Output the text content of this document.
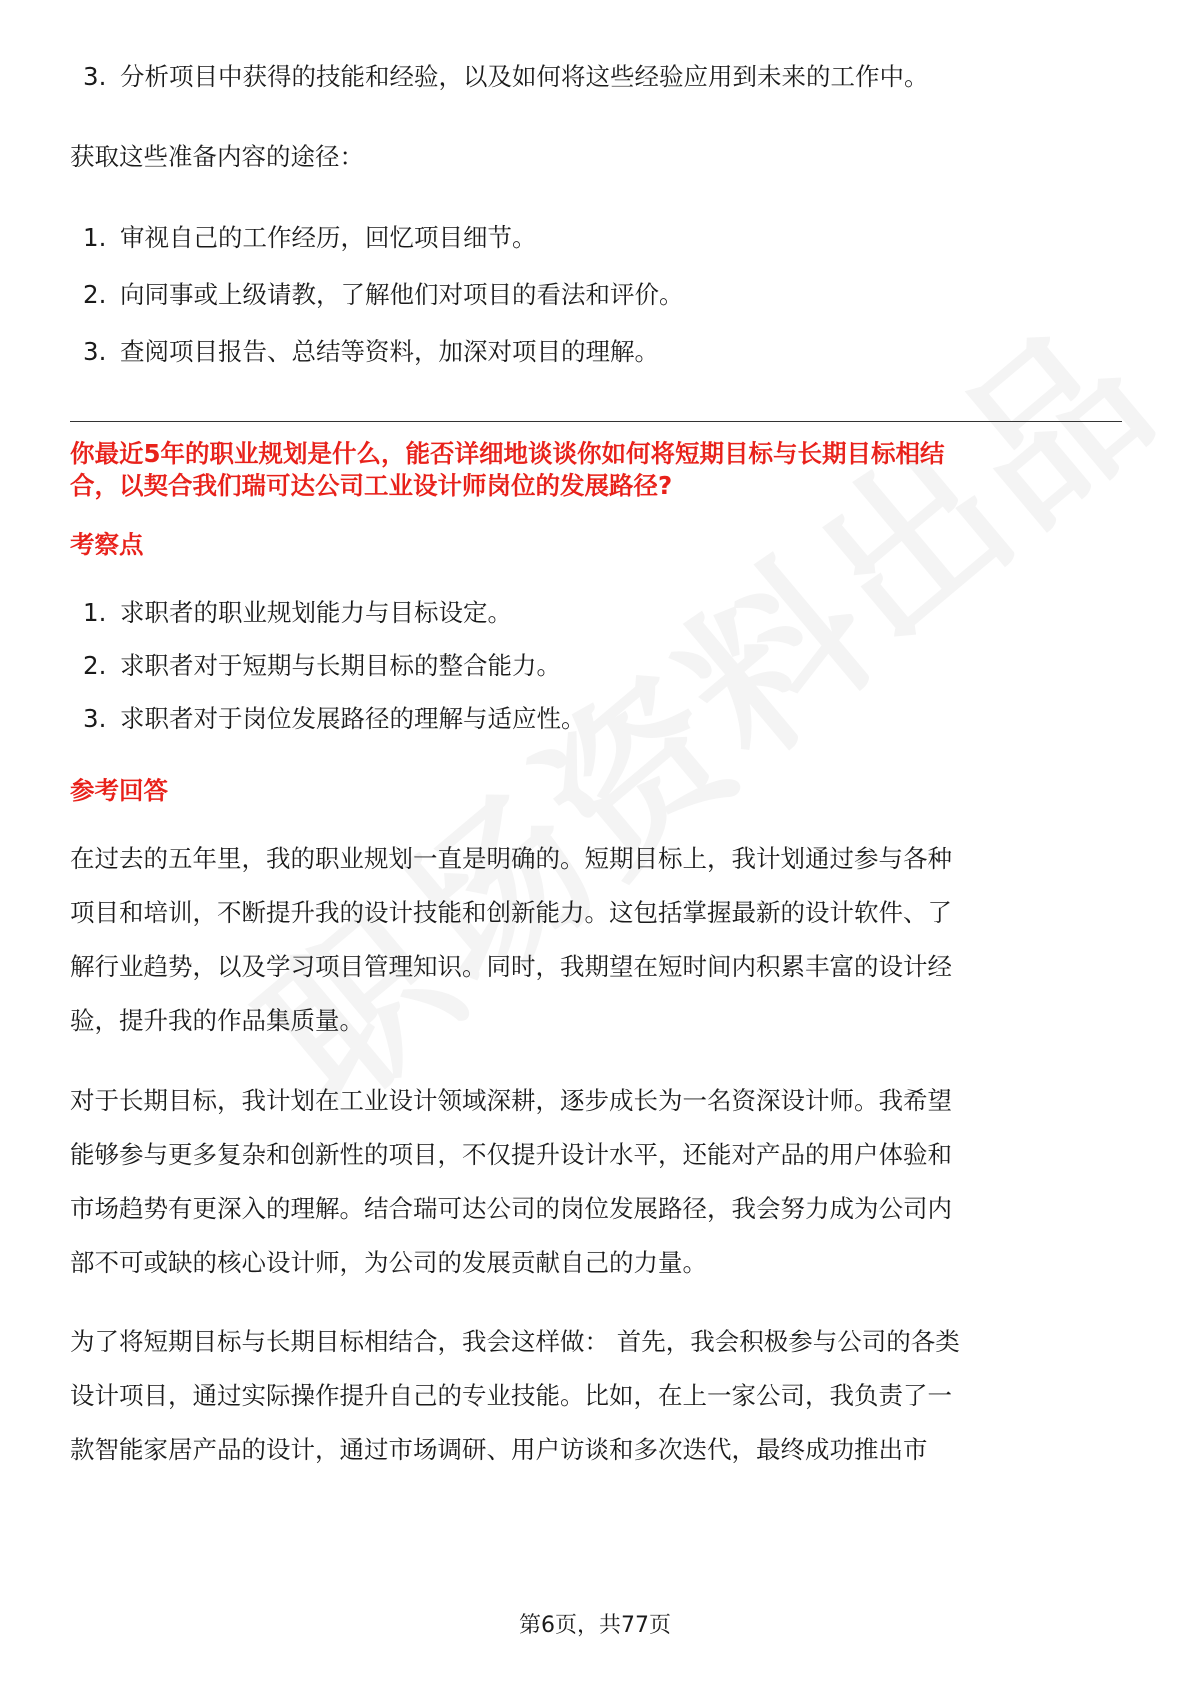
3. 分析项目中获得的技能和经验，以及如何将这些经验应用到未来的工作中。

获取这些准备内容的途径：

1. 审视自己的工作经历，回忆项目细节。
2. 向同事或上级请教，了解他们对项目的看法和评价。
3. 查阅项目报告、总结等资料，加深对项目的理解。
你最近5年的职业规划是什么，能否详细地谈谈你如何将短期目标与长期目标相结
合，以契合我们瑞可达公司工业设计师岗位的发展路径?
考察点
1. 求职者的职业规划能力与目标设定。
2. 求职者对于短期与长期目标的整合能力。
3. 求职者对于岗位发展路径的理解与适应性。
参考回答
在过去的五年里，我的职业规划一直是明确的。短期目标上，我计划通过参与各种
项目和培训，不断提升我的设计技能和创新能力。这包括掌握最新的设计软件、了
解行业趋势，以及学习项目管理知识。同时，我期望在短时间内积累丰富的设计经
验，提升我的作品集质量。
对于长期目标，我计划在工业设计领域深耕，逐步成长为一名资深设计师。我希望
能够参与更多复杂和创新性的项目，不仅提升设计水平，还能对产品的用户体验和
市场趋势有更深入的理解。结合瑞可达公司的岗位发展路径，我会努力成为公司内
部不可或缺的核心设计师，为公司的发展贡献自己的力量。
为了将短期目标与长期目标相结合，我会这样做： 首先，我会积极参与公司的各类
设计项目，通过实际操作提升自己的专业技能。比如，在上一家公司，我负责了一
款智能家居产品的设计，通过市场调研、用户访谈和多次迭代，最终成功推出市
第6页，共77页
